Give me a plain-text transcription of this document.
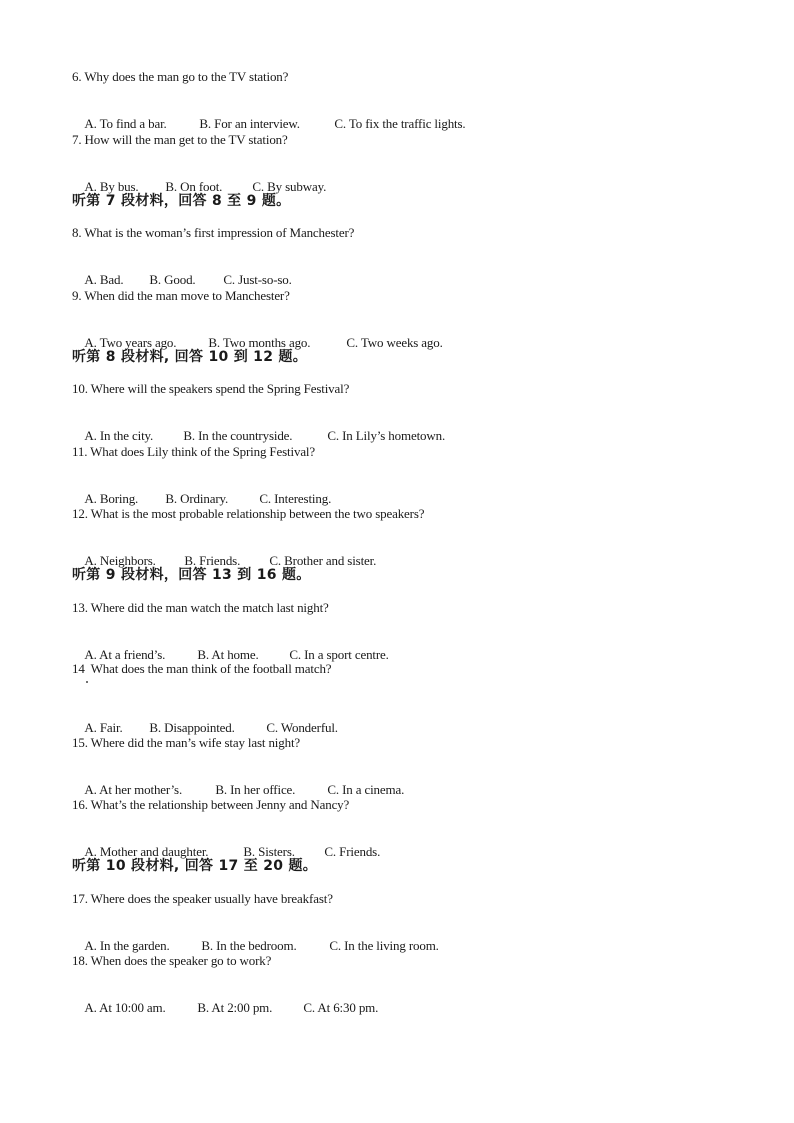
6. Why does the man go to the TV station?

A. To find a bar.	B. For an interview.	C. To fix the traffic lights.

7. How will the man get to the TV station?

A. By bus. B. On foot. C. By subway.

听第 7 段材料，回答 8 至 9 题。
8. What is the woman’s first impression of Manchester?

A. Bad. B. Good. C. Just-so-so.

9. When did the man move to Manchester?

A. Two years ago. B. Two months ago.	C. Two weeks ago.

听第 8 段材料, 回答 10 到 12 题。
10. Where will the speakers spend the Spring Festival?

A. In the city. B. In the countryside.	C. In Lily’s hometown.

11. What does Lily think of the Spring Festival?

A. Boring. B. Ordinary. C. Interesting.

12. What is the most probable relationship between the two speakers?

A. Neighbors. B. Friends. C. Brother and sister.

听第 9 段材料，回答 13 到 16 题。
13. Where did the man watch the match last night?

A. At a friend’s. B. At home. C. In a sport centre.

14  What does the man think of the football match?

A. Fair. B. Disappointed. C. Wonderful.

15. Where did the man’s wife stay last night?

A. At her mother’s.	B. In her office. C. In a cinema.

16. What’s the relationship between Jenny and Nancy?

A. Mother and daughter.	B. Sisters. C. Friends.

听第 10 段材料, 回答 17 至 20 题。
17. Where does the speaker usually have breakfast?

A. In the garden. B. In the bedroom.	C. In the living room.

18. When does the speaker go to work?

A. At 10:00 am. B. At 2:00 pm. C. At 6:30 pm.
